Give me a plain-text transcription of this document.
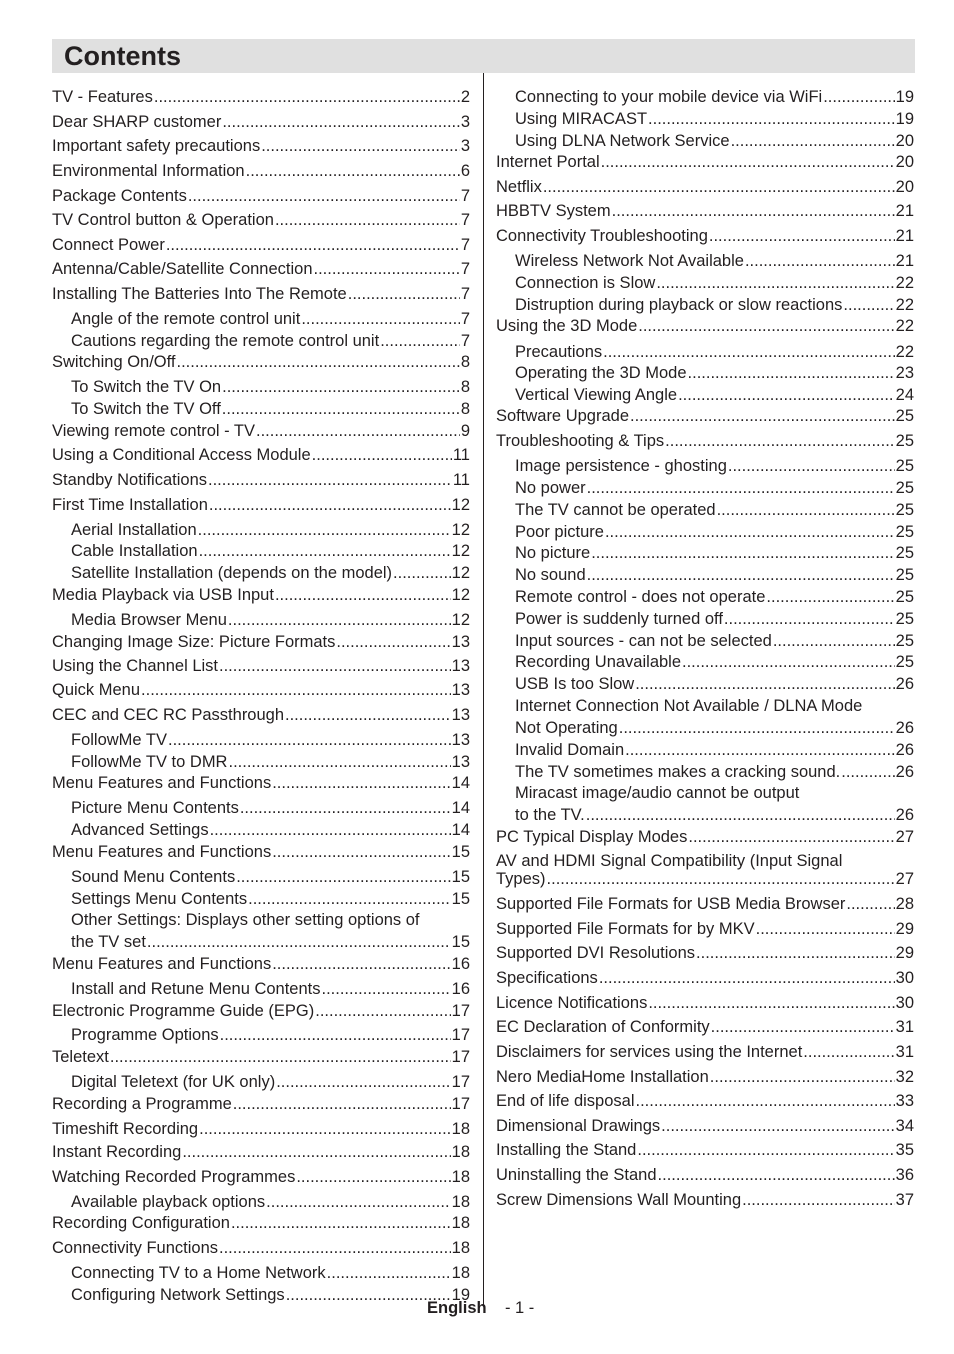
Contents
TV - Features .....	2
Dear SHARP customer .....	3
Important safety precautions .....	3
Environmental Information .....	6
Package Contents .....	7
TV Control button & Operation .....	7
Connect Power .....	7
Antenna/Cable/Satellite Connection .....	7
Installing The Batteries Into The Remote .....	7
Angle of the remote control unit .....	7
Cautions regarding the remote control unit .....	7
Switching On/Off .....	8
To Switch the TV On .....	8
To Switch the TV Off .....	8
Viewing remote control - TV .....	9
Using a Conditional Access Module .....	11
Standby Notifications .....	11
First Time Installation .....	12
Aerial Installation .....	12
Cable Installation .....	12
Satellite Installation (depends on the model) .....	12
Media Playback via USB Input .....	12
Media Browser Menu .....	12
Changing Image Size: Picture Formats .....	13
Using the Channel List .....	13
Quick Menu .....	13
CEC and CEC RC Passthrough .....	13
FollowMe TV .....	13
FollowMe TV to DMR .....	13
Menu Features and Functions .....	14
Picture Menu Contents .....	14
Advanced Settings .....	14
Menu Features and Functions .....	15
Sound Menu Contents .....	15
Settings Menu Contents .....	15
Other Settings: Displays other setting options of
the TV set .....	15
Menu Features and Functions .....	16
Install and Retune Menu Contents .....	16
Electronic Programme Guide (EPG) .....	17
Programme Options .....	17
Teletext .....	17
Digital Teletext (for UK only) .....	17
Recording a Programme .....	17
Timeshift Recording .....	18
Instant Recording .....	18
Watching Recorded Programmes .....	18
Available playback options .....	18
Recording Configuration .....	18
Connectivity Functions .....	18
Connecting TV to a Home Network .....	18
Configuring Network Settings .....	19
Connecting to your mobile device via WiFi .....	19
Using MIRACAST .....	19
Using DLNA Network Service .....	20
Internet Portal .....	20
Netflix .....	20
HBBTV System .....	21
Connectivity Troubleshooting .....	21
Wireless Network Not Available .....	21
Connection is Slow .....	22
Distruption during playback or slow reactions .....	22
Using the 3D Mode .....	22
Precautions .....	22
Operating the 3D Mode .....	23
Vertical Viewing Angle .....	24
Software Upgrade .....	25
Troubleshooting & Tips .....	25
Image persistence - ghosting .....	25
No power .....	25
The TV cannot be operated .....	25
Poor picture .....	25
No picture .....	25
No sound .....	25
Remote control - does not operate .....	25
Power is suddenly turned off .....	25
Input sources - can not be selected .....	25
Recording Unavailable .....	25
USB Is too Slow .....	26
Internet Connection Not Available / DLNA Mode
Not Operating .....	26
Invalid Domain .....	26
The TV sometimes makes a cracking sound. .....	26
Miracast image/audio cannot be output
to the TV. .....	26
PC Typical Display Modes .....	27
AV and HDMI Signal Compatibility (Input Signal
Types) .....	27
Supported File Formats for USB Media Browser .....	28
Supported File Formats for by MKV .....	29
Supported DVI Resolutions .....	29
Specifications .....	30
Licence Notifications .....	30
EC Declaration of Conformity .....	31
Disclaimers for services using the Internet .....	31
Nero MediaHome Installation .....	32
End of life disposal .....	33
Dimensional Drawings .....	34
Installing the Stand .....	35
Uninstalling the Stand .....	36
Screw Dimensions Wall Mounting .....	37
English - 1 -
